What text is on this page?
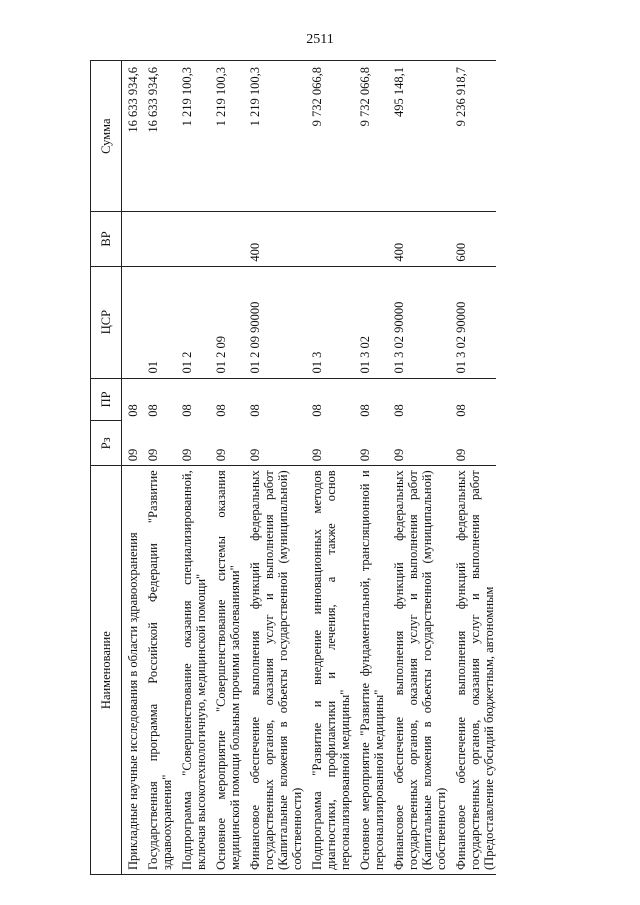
2511
Наименование	Рз	ПР	ЦСР	ВР	Сумма
Прикладные научные исследования в области здравоохранения	09	08			16 633 934,6
Государственная программа Российской Федерации "Развитие здравоохранения"	09	08	01		16 633 934,6
Подпрограмма "Совершенствование оказания специализированной, включая высокотехнологичную, медицинской помощи"	09	08	01 2		1 219 100,3
Основное мероприятие "Совершенствование системы оказания медицинской помощи больным прочими заболеваниями"	09	08	01 2 09		1 219 100,3
Финансовое обеспечение выполнения функций федеральных государственных органов, оказания услуг и выполнения работ (Капитальные вложения в объекты государственной (муниципальной) собственности)	09	08	01 2 09 90000	400	1 219 100,3
Подпрограмма "Развитие и внедрение инновационных методов диагностики, профилактики и лечения, а также основ персонализированной медицины"	09	08	01 3		9 732 066,8
Основное мероприятие "Развитие фундаментальной, трансляционной и персонализированной медицины"	09	08	01 3 02		9 732 066,8
Финансовое обеспечение выполнения функций федеральных государственных органов, оказания услуг и выполнения работ (Капитальные вложения в объекты государственной (муниципальной) собственности)	09	08	01 3 02 90000	400	495 148,1
Финансовое обеспечение выполнения функций федеральных государственных органов, оказания услуг и выполнения работ (Предоставление субсидий бюджетным, автономным	09	08	01 3 02 90000	600	9 236 918,7
